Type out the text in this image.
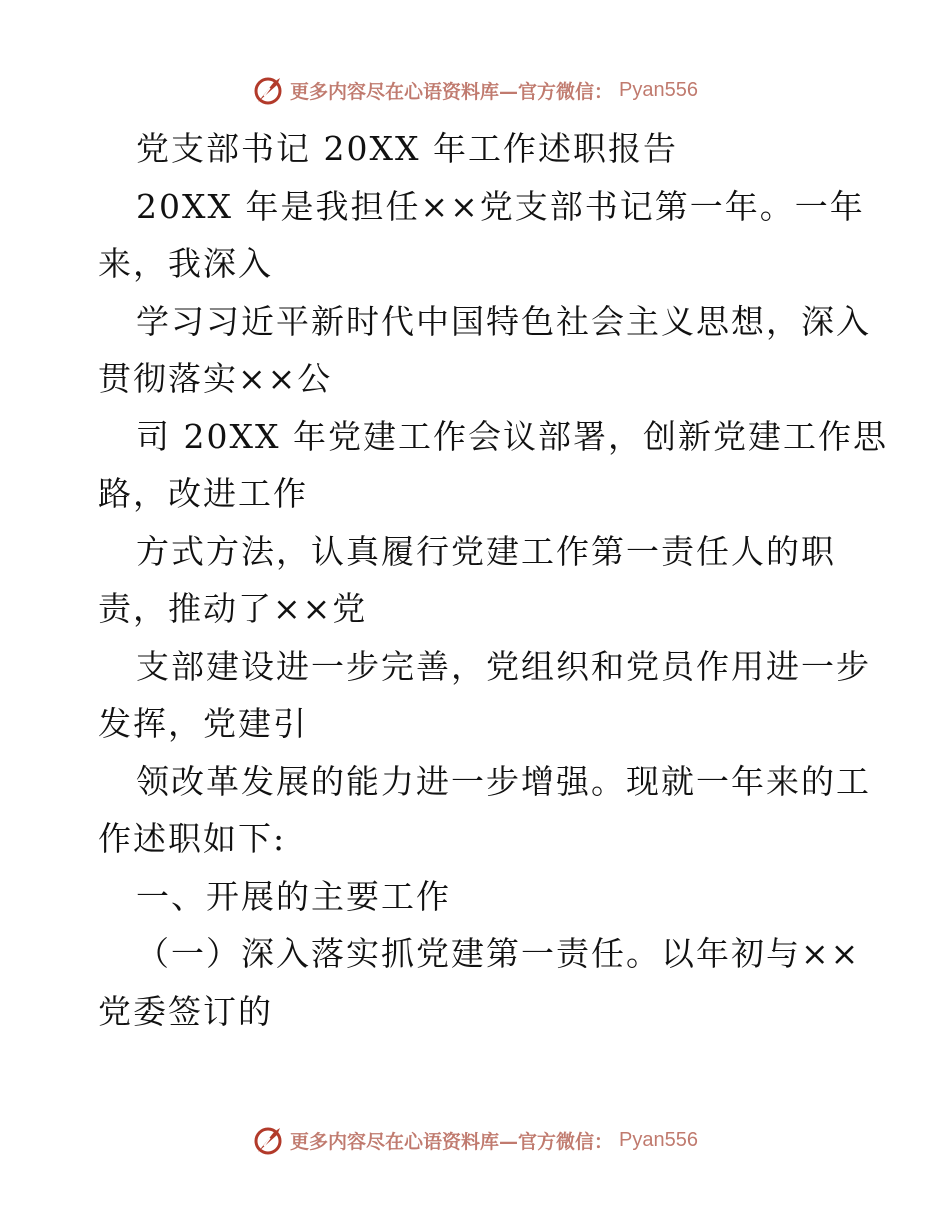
更多内容尽在心语资料库—官方微信： Pyan556
党支部书记 20XX 年工作述职报告
20XX 年是我担任××党支部书记第一年。一年
来，我深入
学习习近平新时代中国特色社会主义思想，深入
贯彻落实××公
司 20XX 年党建工作会议部署，创新党建工作思
路，改进工作
方式方法，认真履行党建工作第一责任人的职
责，推动了××党
支部建设进一步完善，党组织和党员作用进一步
发挥，党建引
领改革发展的能力进一步增强。现就一年来的工
作述职如下:
一、开展的主要工作
（一）深入落实抓党建第一责任。以年初与××
党委签订的
更多内容尽在心语资料库—官方微信： Pyan556
